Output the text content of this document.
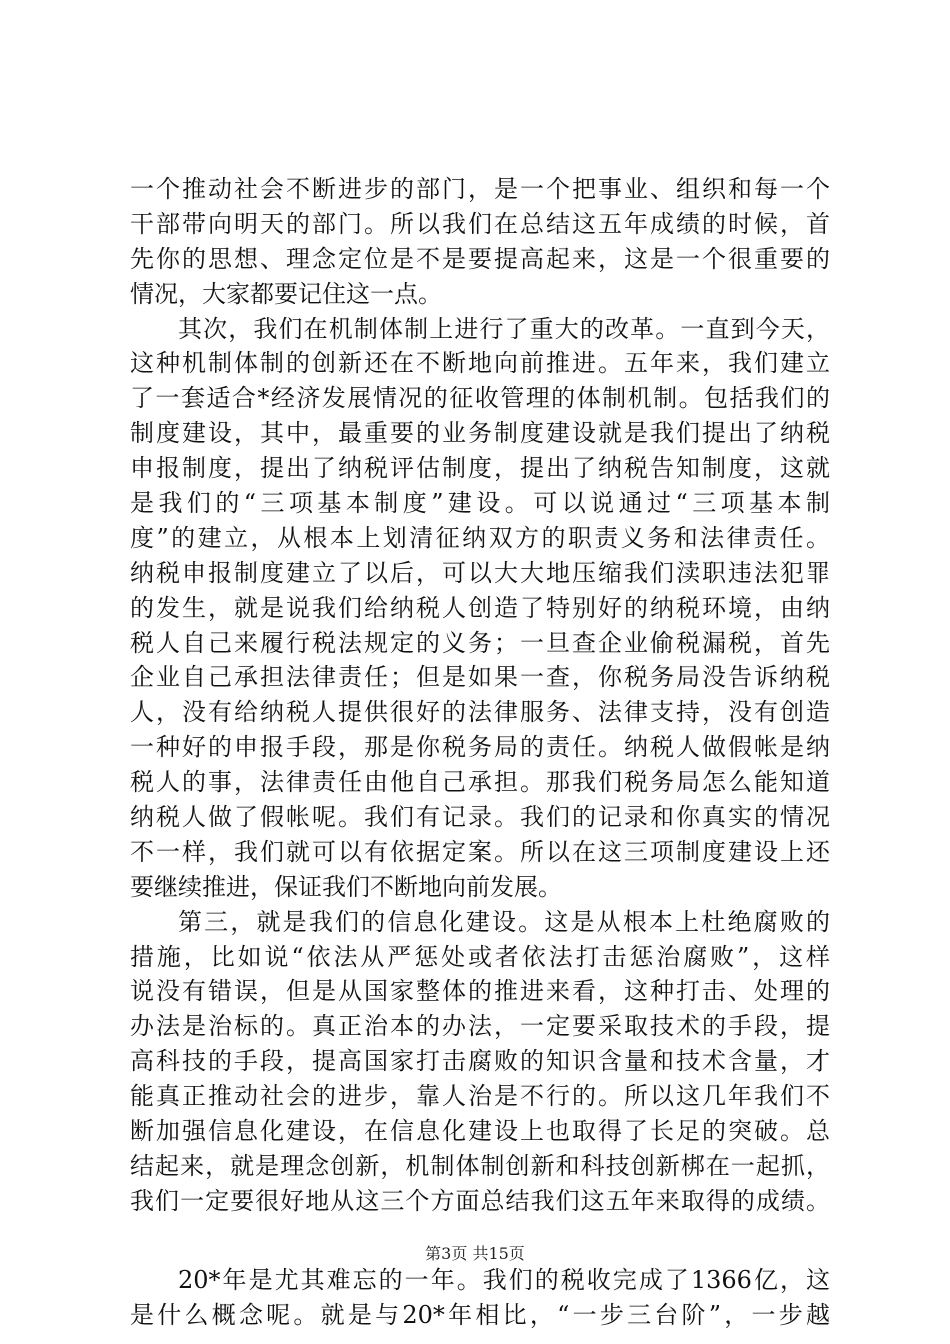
一个推动社会不断进步的部门，是一个把事业、组织和每一个
干部带向明天的部门。所以我们在总结这五年成绩的时候，首
先你的思想、理念定位是不是要提高起来，这是一个很重要的
情况，大家都要记住这一点。
其次，我们在机制体制上进行了重大的改革。一直到今天，
这种机制体制的创新还在不断地向前推进。五年来，我们建立
了一套适合*经济发展情况的征收管理的体制机制。包括我们的
制度建设，其中，最重要的业务制度建设就是我们提出了纳税
申报制度，提出了纳税评估制度，提出了纳税告知制度，这就
是我们的“三项基本制度”建设。可以说通过“三项基本制
度”的建立，从根本上划清征纳双方的职责义务和法律责任。
纳税申报制度建立了以后，可以大大地压缩我们渎职违法犯罪
的发生，就是说我们给纳税人创造了特别好的纳税环境，由纳
税人自己来履行税法规定的义务；一旦查企业偷税漏税，首先
企业自己承担法律责任；但是如果一查，你税务局没告诉纳税
人，没有给纳税人提供很好的法律服务、法律支持，没有创造
一种好的申报手段，那是你税务局的责任。纳税人做假帐是纳
税人的事，法律责任由他自己承担。那我们税务局怎么能知道
纳税人做了假帐呢。我们有记录。我们的记录和你真实的情况
不一样，我们就可以有依据定案。所以在这三项制度建设上还
要继续推进，保证我们不断地向前发展。
第三，就是我们的信息化建设。这是从根本上杜绝腐败的
措施，比如说“依法从严惩处或者依法打击惩治腐败”，这样
说没有错误，但是从国家整体的推进来看，这种打击、处理的
办法是治标的。真正治本的办法，一定要采取技术的手段，提
高科技的手段，提高国家打击腐败的知识含量和技术含量，才
能真正推动社会的进步，靠人治是不行的。所以这几年我们不
断加强信息化建设，在信息化建设上也取得了长足的突破。总
结起来，就是理念创新，机制体制创新和科技创新梆在一起抓，
我们一定要很好地从这三个方面总结我们这五年来取得的成绩。
20*年是尤其难忘的一年。我们的税收完成了1366亿，这
是什么概念呢。就是与20*年相比，“一步三台阶”，一步越
第3页 共15页
